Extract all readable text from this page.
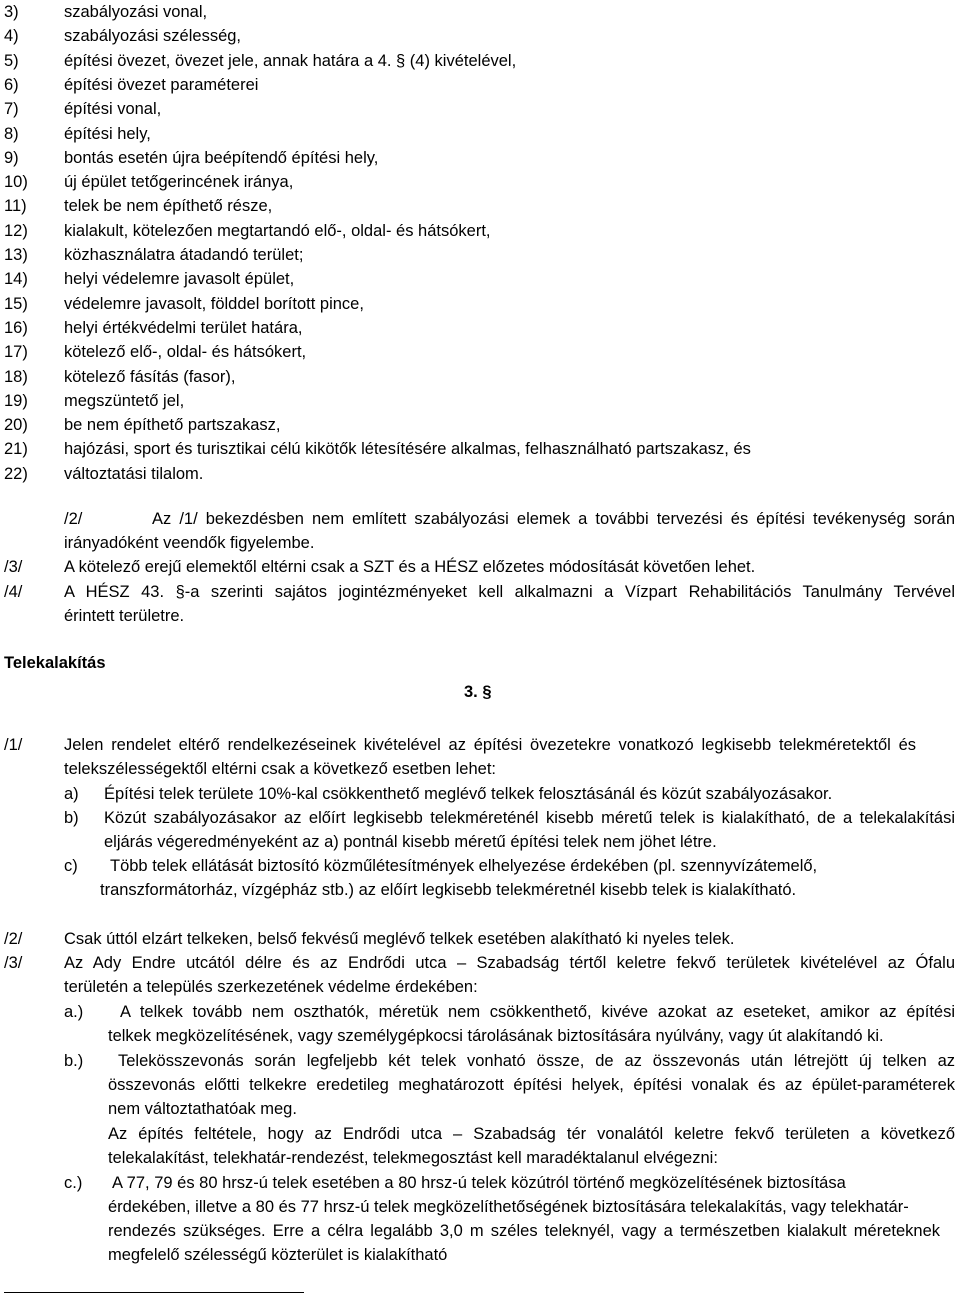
3)	szabályozási vonal,
4)	szabályozási szélesség,
5)	építési övezet, övezet jele, annak határa a 4. § (4) kivételével,
6)	építési övezet paraméterei
7)	építési vonal,
8)	építési hely,
9)	bontás esetén újra beépítendő építési hely,
10) új épület tetőgerincének iránya,
11) telek be nem építhető része,
12) kialakult, kötelezően megtartandó elő-, oldal- és hátsókert,
13) közhasználatra átadandó terület;
14) helyi védelemre javasolt épület,
15) védelemre javasolt, földdel borított pince,
16) helyi értékvédelmi terület határa,
17) kötelező elő-, oldal- és hátsókert,
18) kötelező fásítás (fasor),
19) megszüntető jel,
20) be nem építhető partszakasz,
21) hajózási, sport és turisztikai célú kikötők létesítésére alkalmas, felhasználható partszakasz, és
22) változtatási tilalom.
/2/	Az /1/ bekezdésben nem említett szabályozási elemek a további tervezési és építési tevékenység során
irányadóként veendők figyelembe.
/3/	A kötelező erejű elemektől eltérni csak a SZT és a HÉSZ előzetes módosítását követően lehet.
/4/	A HÉSZ 43. §-a szerinti sajátos jogintézményeket kell alkalmazni a Vízpart Rehabilitációs Tanulmány Tervével
érintett területre.
Telekalakítás
3. §
/1/	Jelen rendelet eltérő rendelkezéseinek kivételével az építési övezetekre vonatkozó legkisebb telekméretektől és
telekszélességektől eltérni csak a következő esetben lehet:
a) Építési telek területe 10%-kal csökkenthető meglévő telkek felosztásánál és közút szabályozásakor.
b) Közút szabályozásakor az előírt legkisebb telekméreténél kisebb méretű telek is kialakítható, de a telekalakítási
eljárás végeredményeként az a) pontnál kisebb méretű építési telek nem jöhet létre.
c) Több telek ellátását biztosító közműlétesítmények elhelyezése érdekében (pl. szennyvízátemelő,
transzformátorház, vízgépház stb.) az előírt legkisebb telekméretnél kisebb telek is kialakítható.
/2/	Csak úttól elzárt telkeken, belső fekvésű meglévő telkek esetében alakítható ki nyeles telek.
/3/	Az Ady Endre utcától délre és az Endrődi utca – Szabadság tértől keletre fekvő területek kivételével az Ófalu
területén a település szerkezetének védelme érdekében:
a.) A telkek tovább nem oszthatók, méretük nem csökkenthető, kivéve azokat az eseteket, amikor az építési
telkek megközelítésének, vagy személygépkocsi tárolásának biztosítására nyúlvány, vagy út alakítandó ki.
b.) Telekösszevonás során legfeljebb két telek vonható össze, de az összevonás után létrejött új telken az
összevonás előtti telkekre eredetileg meghatározott építési helyek, építési vonalak és az épület-paraméterek
nem változtathatóak meg.
Az építés feltétele, hogy az Endrődi utca – Szabadság tér vonalától keletre fekvő területen a következő
telekalakítást, telekhatár-rendezést, telekmegosztást kell maradéktalanul elvégezni:
c.) A 77, 79 és 80 hrsz-ú telek esetében a 80 hrsz-ú telek közútról történő megközelítésének biztosítása
érdekében, illetve a 80 és 77 hrsz-ú telek megközelíthetőségének biztosítására telekalakítás, vagy telekhatár-
rendezés szükséges. Erre a célra legalább 3,0 m széles teleknyél, vagy a természetben kialakult méreteknek
megfelelő szélességű közterület is kialakítható
